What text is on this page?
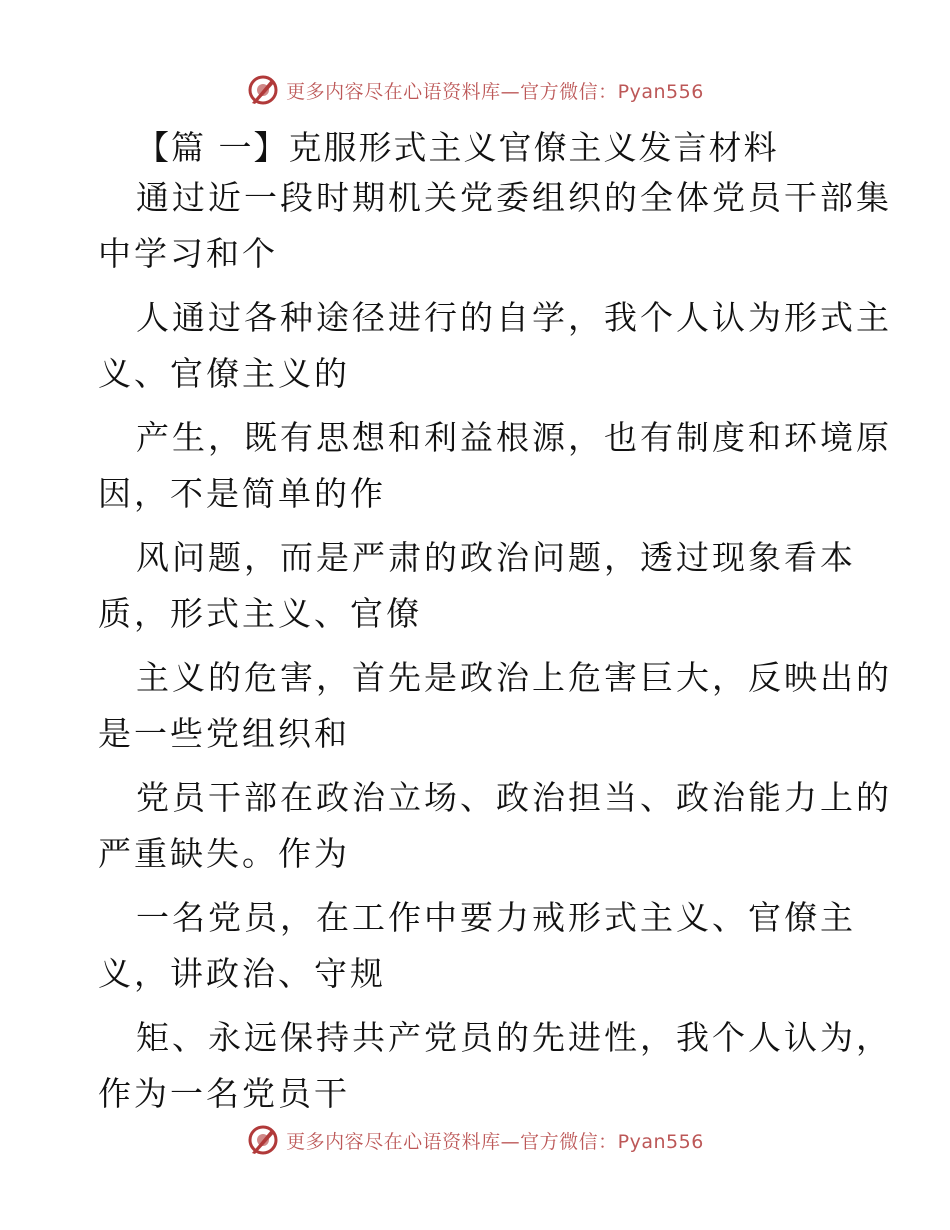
更多内容尽在心语资料库—官方微信：Pyan556
【篇 一】克服形式主义官僚主义发言材料
通过近一段时期机关党委组织的全体党员干部集
中学习和个
人通过各种途径进行的自学，我个人认为形式主
义、官僚主义的
产生，既有思想和利益根源，也有制度和环境原
因，不是简单的作
风问题，而是严肃的政治问题，透过现象看本
质，形式主义、官僚
主义的危害，首先是政治上危害巨大，反映出的
是一些党组织和
党员干部在政治立场、政治担当、政治能力上的
严重缺失。作为
一名党员，在工作中要力戒形式主义、官僚主
义，讲政治、守规
矩、永远保持共产党员的先进性，我个人认为，
作为一名党员干
更多内容尽在心语资料库—官方微信：Pyan556
